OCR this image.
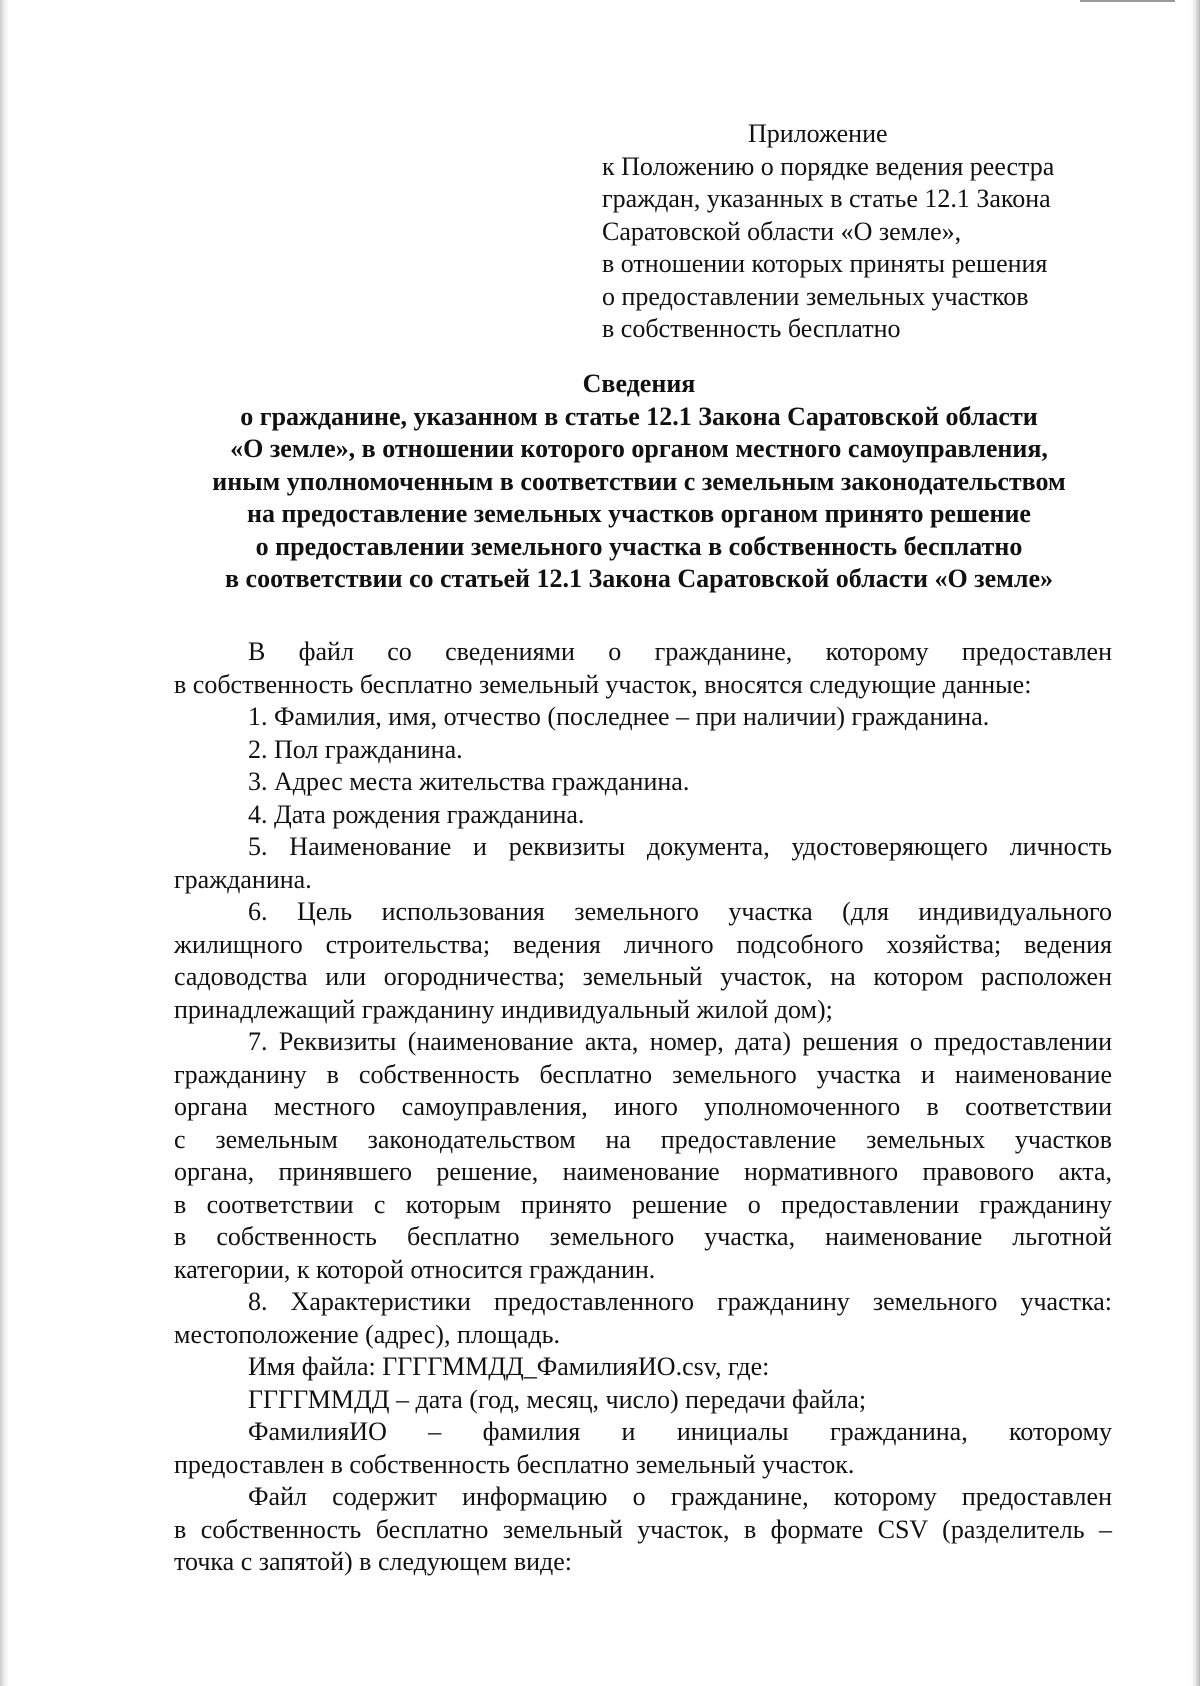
Приложение
к Положению о порядке ведения реестра
граждан, указанных в статье 12.1 Закона
Саратовской области «О земле»,
в отношении которых приняты решения
о предоставлении земельных участков
в собственность бесплатно
Сведения
о гражданине, указанном в статье 12.1 Закона Саратовской области
«О земле», в отношении которого органом местного самоуправления,
иным уполномоченным в соответствии с земельным законодательством
на предоставление земельных участков органом принято решение
о предоставлении земельного участка в собственность бесплатно
в соответствии со статьей 12.1 Закона Саратовской области «О земле»
В файл со сведениями о гражданине, которому предоставлен
в собственность бесплатно земельный участок, вносятся следующие данные:
1. Фамилия, имя, отчество (последнее – при наличии) гражданина.
2. Пол гражданина.
3. Адрес места жительства гражданина.
4. Дата рождения гражданина.
5. Наименование и реквизиты документа, удостоверяющего личность
гражданина.
6. Цель использования земельного участка (для индивидуального
жилищного строительства; ведения личного подсобного хозяйства; ведения
садоводства или огородничества; земельный участок, на котором расположен
принадлежащий гражданину индивидуальный жилой дом);
7. Реквизиты (наименование акта, номер, дата) решения о предоставлении
гражданину в собственность бесплатно земельного участка и наименование
органа местного самоуправления, иного уполномоченного в соответствии
с земельным законодательством на предоставление земельных участков
органа, принявшего решение, наименование нормативного правового акта,
в соответствии с которым принято решение о предоставлении гражданину
в собственность бесплатно земельного участка, наименование льготной
категории, к которой относится гражданин.
8. Характеристики предоставленного гражданину земельного участка:
местоположение (адрес), площадь.
Имя файла: ГГГГММДД_ФамилияИО.csv, где:
ГГГГММДД – дата (год, месяц, число) передачи файла;
ФамилияИО – фамилия и инициалы гражданина, которому
предоставлен в собственность бесплатно земельный участок.
Файл содержит информацию о гражданине, которому предоставлен
в собственность бесплатно земельный участок, в формате CSV (разделитель –
точка с запятой) в следующем виде:
